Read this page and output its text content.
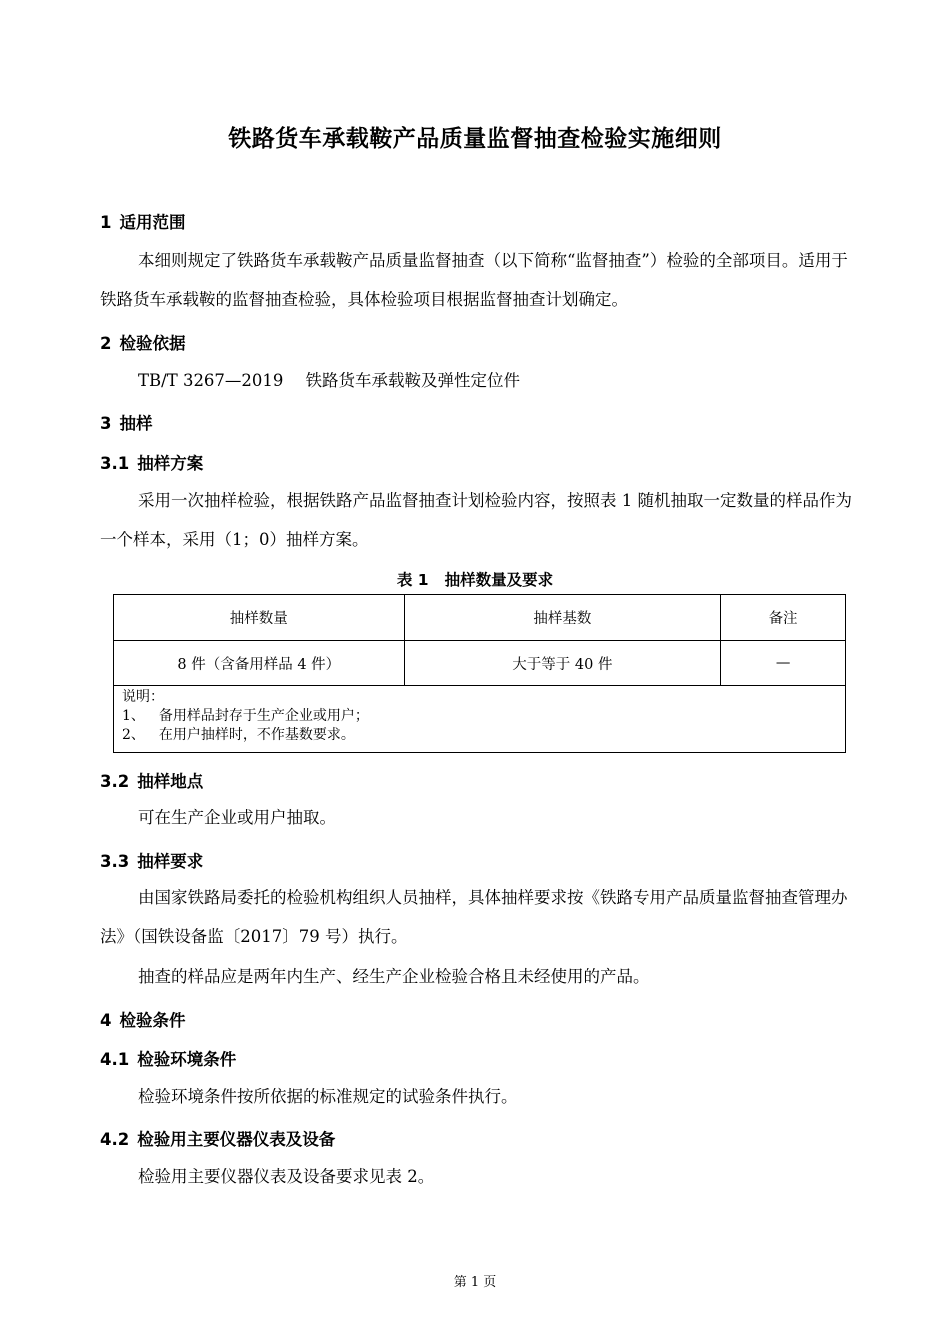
铁路货车承载鞍产品质量监督抽查检验实施细则
1 适用范围

本细则规定了铁路货车承载鞍产品质量监督抽查（以下简称“监督抽查”）检验的全部项目。适用于铁路货车承载鞍的监督抽查检验，具体检验项目根据监督抽查计划确定。

2 检验依据

TB/T 3267—2019 铁路货车承载鞍及弹性定位件

3 抽样
3.1 抽样方案

采用一次抽样检验，根据铁路产品监督抽查计划检验内容，按照表 1 随机抽取一定数量的样品作为一个样本，采用（1；0）抽样方案。

表 1 抽样数量及要求
抽样数量	抽样基数	备注
8 件（含备用样品 4 件）	大于等于 40 件	—

说明：
1、 备用样品封存于生产企业或用户；
2、 在用户抽样时，不作基数要求。		
3.2 抽样地点

可在生产企业或用户抽取。

3.3 抽样要求

由国家铁路局委托的检验机构组织人员抽样，具体抽样要求按《铁路专用产品质量监督抽查管理办法》（国铁设备监〔2017〕79 号）执行。

抽查的样品应是两年内生产、经生产企业检验合格且未经使用的产品。

4 检验条件
4.1 检验环境条件

检验环境条件按所依据的标准规定的试验条件执行。

4.2 检验用主要仪器仪表及设备

检验用主要仪器仪表及设备要求见表 2。

第 1 页
